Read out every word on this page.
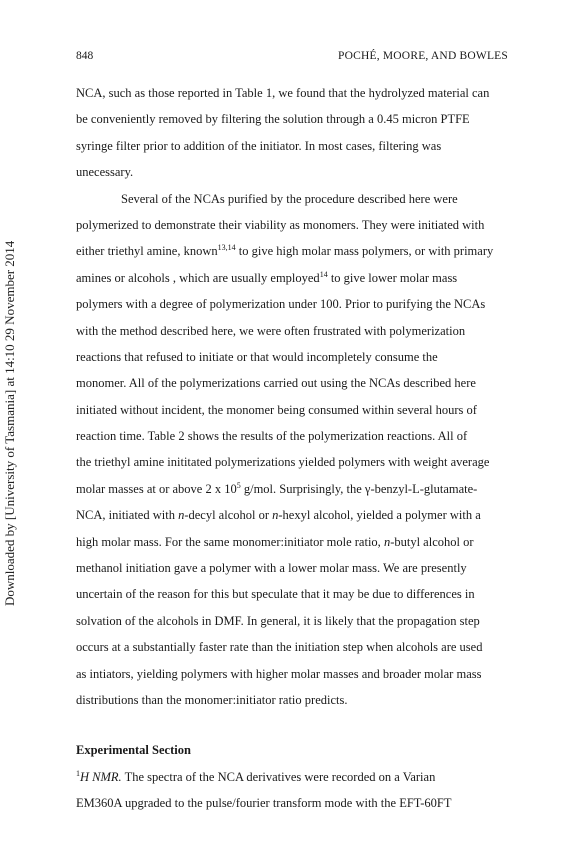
848	POCHÉ, MOORE, AND BOWLES
Downloaded by [University of Tasmania] at 14:10 29 November 2014
NCA, such as those reported in Table 1, we found that the hydrolyzed material can
be conveniently removed by filtering the solution through a 0.45 micron PTFE
syringe filter prior to addition of the initiator. In most cases, filtering was
unecessary.
Several of the NCAs purified by the procedure described here were
polymerized to demonstrate their viability as monomers. They were initiated with
either triethyl amine, known$^{13,14}$ to give high molar mass polymers, or with primary
amines or alcohols , which are usually employed$^{14}$ to give lower molar mass
polymers with a degree of polymerization under 100. Prior to purifying the NCAs
with the method described here, we were often frustrated with polymerization
reactions that refused to initiate or that would incompletely consume the
monomer. All of the polymerizations carried out using the NCAs described here
initiated without incident, the monomer being consumed within several hours of
reaction time. Table 2 shows the results of the polymerization reactions. All of
the triethyl amine inititated polymerizations yielded polymers with weight average
molar masses at or above 2 x $10^5$ g/mol. Surprisingly, the γ-benzyl-L-glutamate-
NCA, initiated with n-decyl alcohol or n-hexyl alcohol, yielded a polymer with a
high molar mass. For the same monomer:initiator mole ratio, n-butyl alcohol or
methanol initiation gave a polymer with a lower molar mass. We are presently
uncertain of the reason for this but speculate that it may be due to differences in
solvation of the alcohols in DMF. In general, it is likely that the propagation step
occurs at a substantially faster rate than the initiation step when alcohols are used
as intiators, yielding polymers with higher molar masses and broader molar mass
distributions than the monomer:initiator ratio predicts.
Experimental Section
$^1$H NMR. The spectra of the NCA derivatives were recorded on a Varian
EM360A upgraded to the pulse/fourier transform mode with the EFT-60FT
